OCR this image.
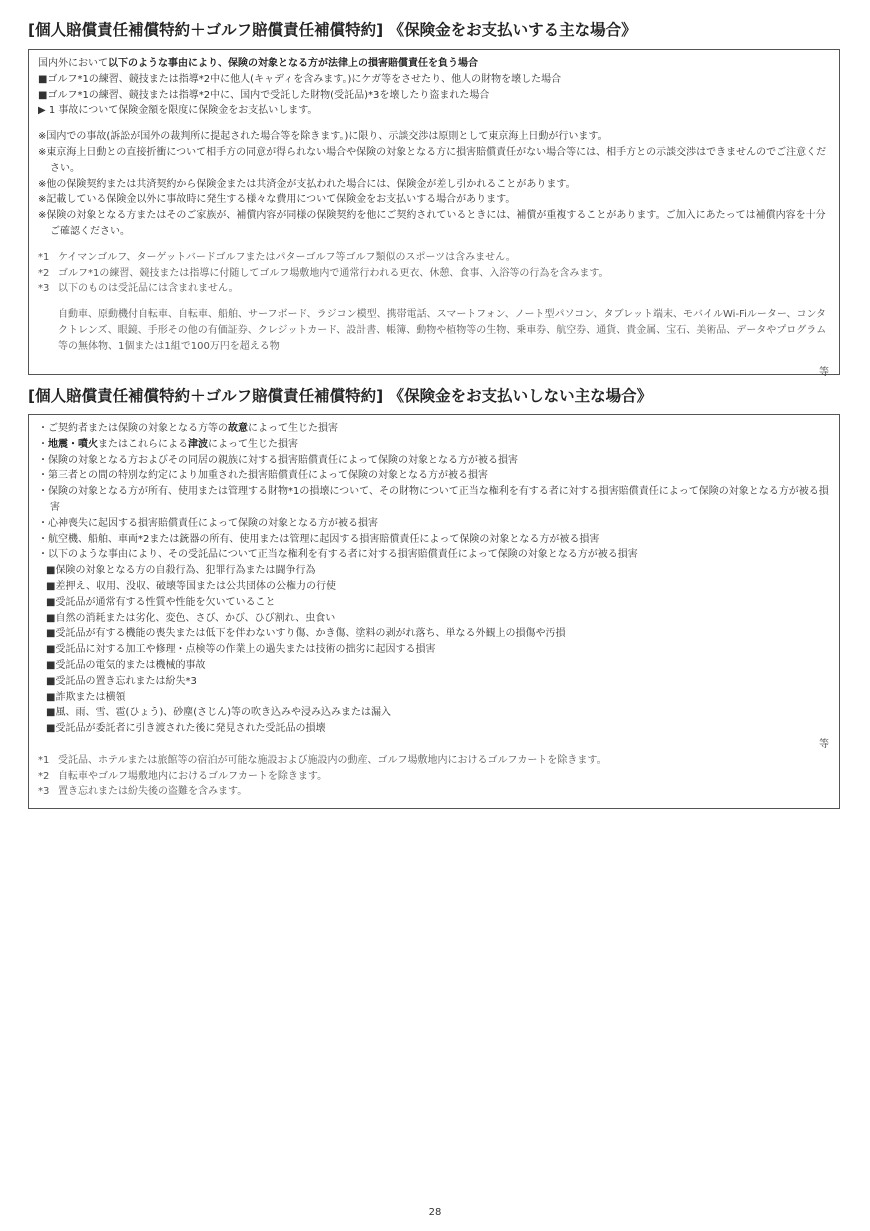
[個人賠償責任補償特約＋ゴルフ賠償責任補償特約] 《保険金をお支払いする主な場合》

国内外において以下のような事由により、保険の対象となる方が法律上の損害賠償責任を負う場合

■ゴルフ*1の練習、競技または指導*2中に他人(キャディを含みます。)にケガ等をさせたり、他人の財物を壊した場合

■ゴルフ*1の練習、競技または指導*2中に、国内で受託した財物(受託品)*3を壊したり盗まれた場合

▶ 1 事故について保険金額を限度に保険金をお支払いします。

※国内での事故(訴訟が国外の裁判所に提起された場合等を除きます。)に限り、示談交渉は原則として東京海上日動が行います。

※東京海上日動との直接折衝について相手方の同意が得られない場合や保険の対象となる方に損害賠償責任がない場合等には、相手方との示談交渉はできませんのでご注意ください。

※他の保険契約または共済契約から保険金または共済金が支払われた場合には、保険金が差し引かれることがあります。

※記載している保険金以外に事故時に発生する様々な費用について保険金をお支払いする場合があります。

※保険の対象となる方またはそのご家族が、補償内容が同様の保険契約を他にご契約されているときには、補償が重複することがあります。ご加入にあたっては補償内容を十分ご確認ください。

*1 ケイマンゴルフ、ターゲットバードゴルフまたはパターゴルフ等ゴルフ類似のスポーツは含みません。
*2 ゴルフ*1の練習、競技または指導に付随してゴルフ場敷地内で通常行われる更衣、休憩、食事、入浴等の行為を含みます。
*3 以下のものは受託品には含まれません。

自動車、原動機付自転車、自転車、船舶、サーフボード、ラジコン模型、携帯電話、スマートフォン、ノート型パソコン、タブレット端末、モバイルWi-Fiルーター、コンタクトレンズ、眼鏡、手形その他の有価証券、クレジットカード、設計書、帳簿、動物や植物等の生物、乗車券、航空券、通貨、貴金属、宝石、美術品、データやプログラム等の無体物、1個または1組で100万円を超える物

等

[個人賠償責任補償特約＋ゴルフ賠償責任補償特約] 《保険金をお支払いしない主な場合》

・ご契約者または保険の対象となる方等の故意によって生じた損害

・地震・噴火またはこれらによる津波によって生じた損害

・保険の対象となる方およびその同居の親族に対する損害賠償責任によって保険の対象となる方が被る損害

・第三者との間の特別な約定により加重された損害賠償責任によって保険の対象となる方が被る損害

・保険の対象となる方が所有、使用または管理する財物*1の損壊について、その財物について正当な権利を有する者に対する損害賠償責任によって保険の対象となる方が被る損害

・心神喪失に起因する損害賠償責任によって保険の対象となる方が被る損害

・航空機、船舶、車両*2または銃器の所有、使用または管理に起因する損害賠償責任によって保険の対象となる方が被る損害

・以下のような事由により、その受託品について正当な権利を有する者に対する損害賠償責任によって保険の対象となる方が被る損害

■保険の対象となる方の自殺行為、犯罪行為または闘争行為

■差押え、収用、没収、破壊等国または公共団体の公権力の行使

■受託品が通常有する性質や性能を欠いていること

■自然の消耗または劣化、変色、さび、かび、ひび割れ、虫食い

■受託品が有する機能の喪失または低下を伴わないすり傷、かき傷、塗料の剥がれ落ち、単なる外観上の損傷や汚損

■受託品に対する加工や修理・点検等の作業上の過失または技術の拙劣に起因する損害

■受託品の電気的または機械的事故

■受託品の置き忘れまたは紛失*3

■詐欺または横領

■風、雨、雪、雹(ひょう)、砂塵(さじん)等の吹き込みや浸み込みまたは漏入

■受託品が委託者に引き渡された後に発見された受託品の損壊

等

*1 受託品、ホテルまたは旅館等の宿泊が可能な施設および施設内の動産、ゴルフ場敷地内におけるゴルフカートを除きます。
*2 自転車やゴルフ場敷地内におけるゴルフカートを除きます。
*3 置き忘れまたは紛失後の盗難を含みます。
28
